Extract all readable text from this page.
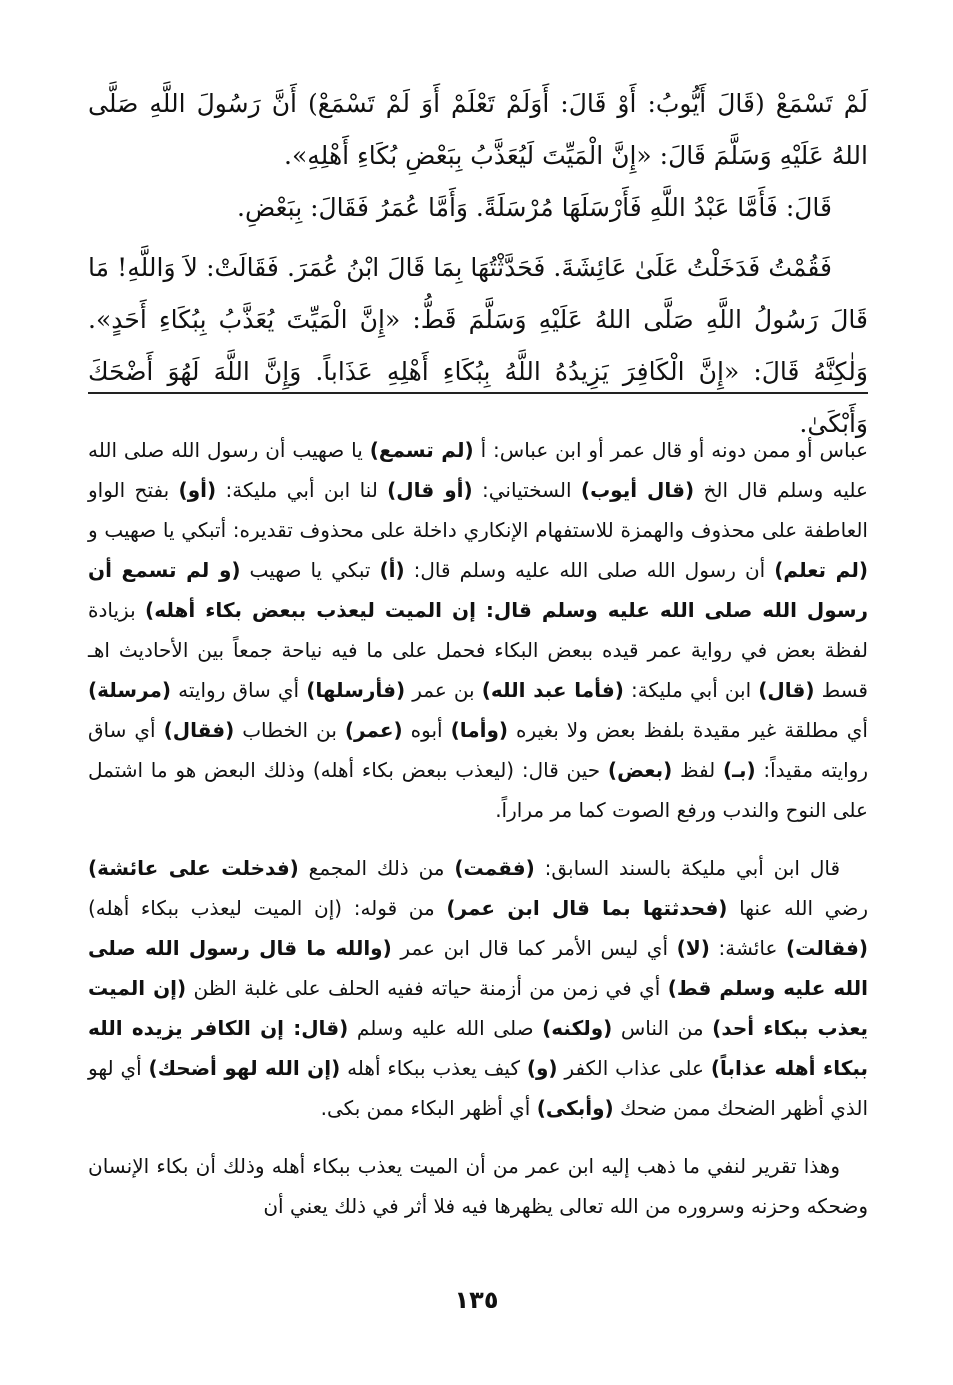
لَمْ تَسْمَعْ (قَالَ أَيُّوبُ: أَوْ قَالَ: أَوَلَمْ تَعْلَمْ أَوَ لَمْ تَسْمَعْ) أَنَّ رَسُولَ اللَّهِ صَلَّى اللهُ عَلَيْهِ وَسَلَّمَ قَالَ: «إِنَّ الْمَيِّتَ لَيُعَذَّبُ بِبَعْضِ بُكَاءِ أَهْلِهِ».

قَالَ: فَأَمَّا عَبْدُ اللَّهِ فَأَرْسَلَهَا مُرْسَلَةً. وَأَمَّا عُمَرُ فَقَالَ: بِبَعْضِ.

فَقُمْتُ فَدَخَلْتُ عَلَىٰ عَائِشَةَ. فَحَدَّثْتُهَا بِمَا قَالَ ابْنُ عُمَرَ. فَقَالَتْ: لاَ وَاللَّهِ! مَا قَالَ رَسُولُ اللَّهِ صَلَّى اللهُ عَلَيْهِ وَسَلَّمَ قَطُّ: «إِنَّ الْمَيِّتَ يُعَذَّبُ بِبُكَاءِ أَحَدٍ». وَلٰكِنَّهُ قَالَ: «إِنَّ الْكَافِرَ يَزِيدُهُ اللَّهُ بِبُكَاءِ أَهْلِهِ عَذَاباً. وَإِنَّ اللَّهَ لَهُوَ أَضْحَكَ وَأَبْكَىٰ.

عباس أو ممن دونه أو قال عمر أو ابن عباس: أ (لم تسمع) يا صهيب أن رسول الله صلى الله عليه وسلم قال الخ (قال أيوب) السختياني: (أو قال) لنا ابن أبي مليكة: (أو) بفتح الواو العاطفة على محذوف والهمزة للاستفهام الإنكاري داخلة على محذوف تقديره: أتبكي يا صهيب و (لم تعلم) أن رسول الله صلى الله عليه وسلم قال: (أ) تبكي يا صهيب (و لم تسمع أن رسول الله صلى الله عليه وسلم قال: إن الميت ليعذب ببعض بكاء أهله) بزيادة لفظة بعض في رواية عمر قيده ببعض البكاء فحمل على ما فيه نياحة جمعاً بين الأحاديث اهـ قسط (قال) ابن أبي مليكة: (فأما عبد الله) بن عمر (فأرسلها) أي ساق روايته (مرسلة) أي مطلقة غير مقيدة بلفظ بعض ولا بغيره (وأما) أبوه (عمر) بن الخطاب (فقال) أي ساق روايته مقيداً: (بـ) لفظ (بعض) حين قال: (ليعذب ببعض بكاء أهله) وذلك البعض هو ما اشتمل على النوح والندب ورفع الصوت كما مر مراراً.

قال ابن أبي مليكة بالسند السابق: (فقمت) من ذلك المجمع (فدخلت على عائشة) رضي الله عنها (فحدثتها بما قال ابن عمر) من قوله: (إن الميت ليعذب ببكاء أهله) (فقالت) عائشة: (لا) أي ليس الأمر كما قال ابن عمر (والله ما قال رسول الله صلى الله عليه وسلم قط) أي في زمن من أزمنة حياته ففيه الحلف على غلبة الظن (إن الميت يعذب ببكاء أحد) من الناس (ولكنه) صلى الله عليه وسلم (قال: إن الكافر يزيده الله ببكاء أهله عذاباً) على عذاب الكفر (و) كيف يعذب ببكاء أهله (إن الله لهو أضحك) أي لهو الذي أظهر الضحك ممن ضحك (وأبكى) أي أظهر البكاء ممن بكى.

وهذا تقرير لنفي ما ذهب إليه ابن عمر من أن الميت يعذب ببكاء أهله وذلك أن بكاء الإنسان وضحكه وحزنه وسروره من الله تعالى يظهرها فيه فلا أثر في ذلك يعني أن

١٣٥
